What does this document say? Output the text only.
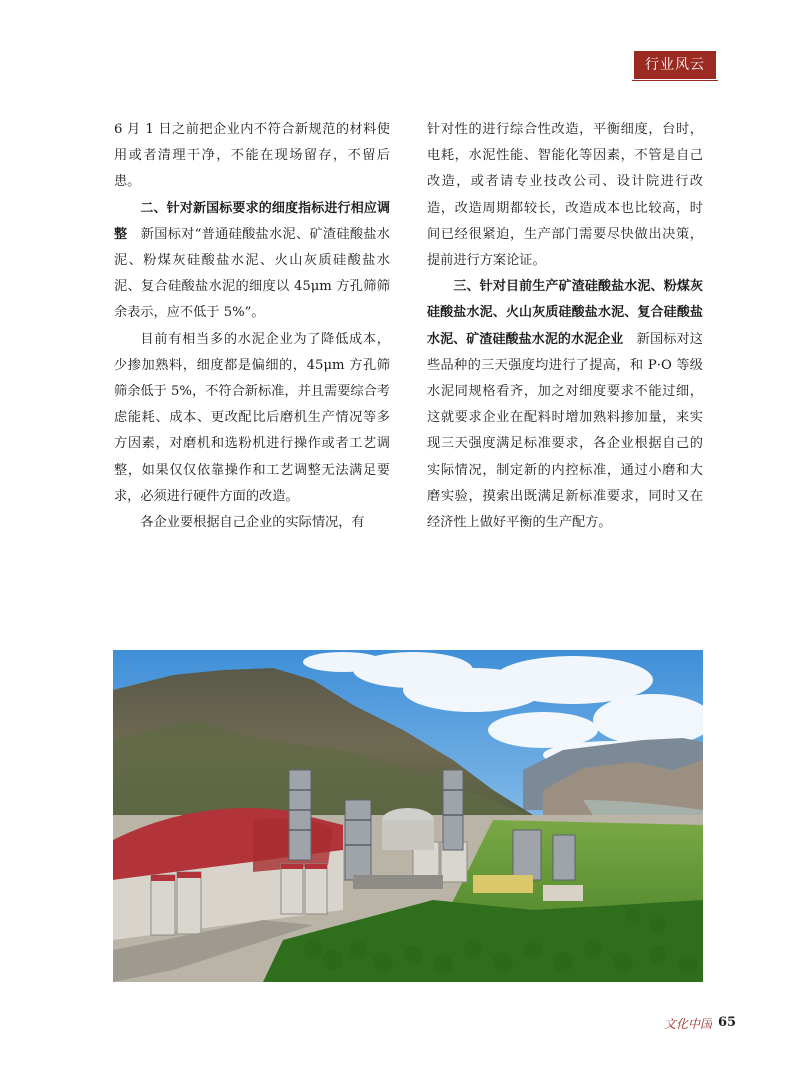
行业风云

6 月 1 日之前把企业内不符合新规范的材料使用或者清理干净，不能在现场留存，不留后患。

二、针对新国标要求的细度指标进行相应调整  新国标对“普通硅酸盐水泥、矿渣硅酸盐水泥、粉煤灰硅酸盐水泥、火山灰质硅酸盐水泥、复合硅酸盐水泥的细度以 45μm 方孔筛筛余表示，应不低于 5%”。

目前有相当多的水泥企业为了降低成本，少掺加熟料，细度都是偏细的，45μm 方孔筛筛余低于 5%，不符合新标准，并且需要综合考虑能耗、成本、更改配比后磨机生产情况等多方因素，对磨机和选粉机进行操作或者工艺调整，如果仅仅依靠操作和工艺调整无法满足要求，必须进行硬件方面的改造。

各企业要根据自己企业的实际情况，有

针对性的进行综合性改造，平衡细度，台时，电耗，水泥性能、智能化等因素，不管是自己改造，或者请专业技改公司、设计院进行改造，改造周期都较长，改造成本也比较高，时间已经很紧迫，生产部门需要尽快做出决策，提前进行方案论证。

三、针对目前生产矿渣硅酸盐水泥、粉煤灰硅酸盐水泥、火山灰质硅酸盐水泥、复合硅酸盐水泥、矿渣硅酸盐水泥的水泥企业  新国标对这些品种的三天强度均进行了提高，和 P·O 等级水泥同规格看齐，加之对细度要求不能过细，这就要求企业在配料时增加熟料掺加量，来实现三天强度满足标准要求，各企业根据自己的实际情况，制定新的内控标准，通过小磨和大磨实验，摸索出既满足新标准要求，同时又在经济性上做好平衡的生产配方。

文化中国 65
